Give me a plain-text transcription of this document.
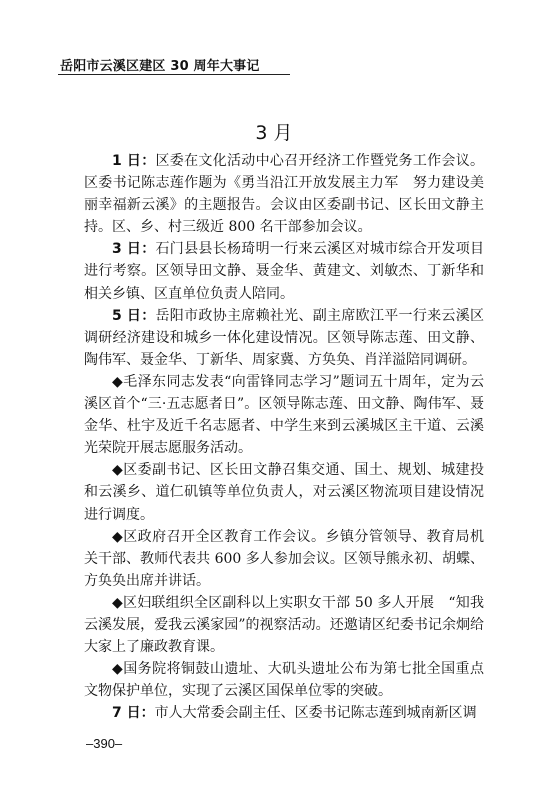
岳阳市云溪区建区 30 周年大事记
3 月

1 日：区委在文化活动中心召开经济工作暨党务工作会议。区委书记陈志莲作题为《勇当沿江开放发展主力军　努力建设美丽幸福新云溪》的主题报告。会议由区委副书记、区长田文静主持。区、乡、村三级近 800 名干部参加会议。

3 日：石门县县长杨琦明一行来云溪区对城市综合开发项目进行考察。区领导田文静、聂金华、黄建文、刘敏杰、丁新华和相关乡镇、区直单位负责人陪同。

5 日：岳阳市政协主席赖社光、副主席欧江平一行来云溪区调研经济建设和城乡一体化建设情况。区领导陈志莲、田文静、陶伟军、聂金华、丁新华、周家冀、方奂奂、肖洋溢陪同调研。

◆毛泽东同志发表“向雷锋同志学习”题词五十周年，定为云溪区首个“三·五志愿者日”。区领导陈志莲、田文静、陶伟军、聂金华、杜宇及近千名志愿者、中学生来到云溪城区主干道、云溪光荣院开展志愿服务活动。

◆区委副书记、区长田文静召集交通、国土、规划、城建投和云溪乡、道仁矶镇等单位负责人，对云溪区物流项目建设情况进行调度。

◆区政府召开全区教育工作会议。乡镇分管领导、教育局机关干部、教师代表共 600 多人参加会议。区领导熊永初、胡蝶、方奂奂出席并讲话。

◆区妇联组织全区副科以上实职女干部 50 多人开展　“知我云溪发展，爱我云溪家园”的视察活动。还邀请区纪委书记余炯给大家上了廉政教育课。

◆国务院将铜鼓山遗址、大矶头遗址公布为第七批全国重点文物保护单位，实现了云溪区国保单位零的突破。

7 日：市人大常委会副主任、区委书记陈志莲到城南新区调

–390–
